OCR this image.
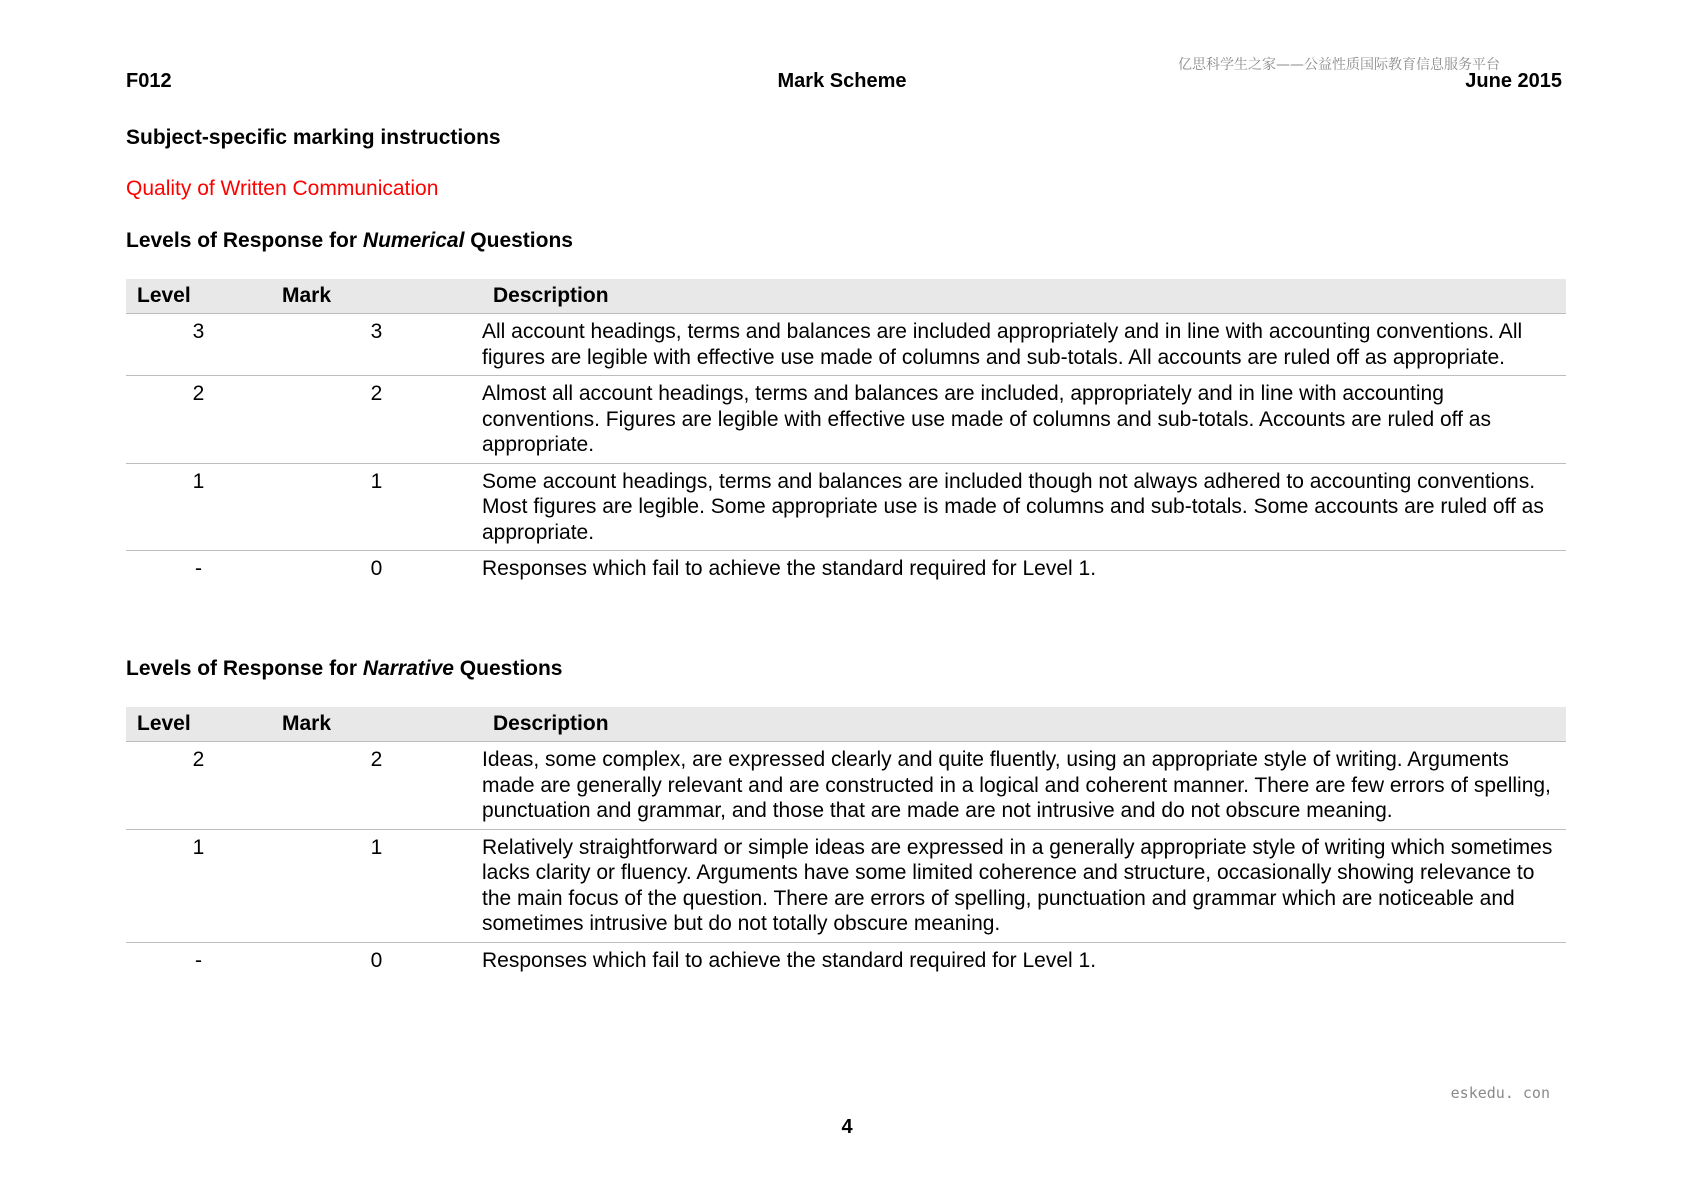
亿思科学生之家——公益性质国际教育信息服务平台
F012	Mark Scheme	June 2015
Subject-specific marking instructions
Quality of Written Communication
Levels of Response for Numerical Questions
Level	Mark	Description
3	3	All account headings, terms and balances are included appropriately and in line with accounting conventions. All figures are legible with effective use made of columns and sub-totals. All accounts are ruled off as appropriate.
2	2	Almost all account headings, terms and balances are included, appropriately and in line with accounting conventions. Figures are legible with effective use made of columns and sub-totals. Accounts are ruled off as appropriate.
1	1	Some account headings, terms and balances are included though not always adhered to accounting conventions. Most figures are legible. Some appropriate use is made of columns and sub-totals. Some accounts are ruled off as appropriate.
-	0	Responses which fail to achieve the standard required for Level 1.
Levels of Response for Narrative Questions
Level	Mark	Description
2	2	Ideas, some complex, are expressed clearly and quite fluently, using an appropriate style of writing. Arguments made are generally relevant and are constructed in a logical and coherent manner. There are few errors of spelling, punctuation and grammar, and those that are made are not intrusive and do not obscure meaning.
1	1	Relatively straightforward or simple ideas are expressed in a generally appropriate style of writing which sometimes lacks clarity or fluency. Arguments have some limited coherence and structure, occasionally showing relevance to the main focus of the question. There are errors of spelling, punctuation and grammar which are noticeable and sometimes intrusive but do not totally obscure meaning.
-	0	Responses which fail to achieve the standard required for Level 1.
eskedu. con
4
